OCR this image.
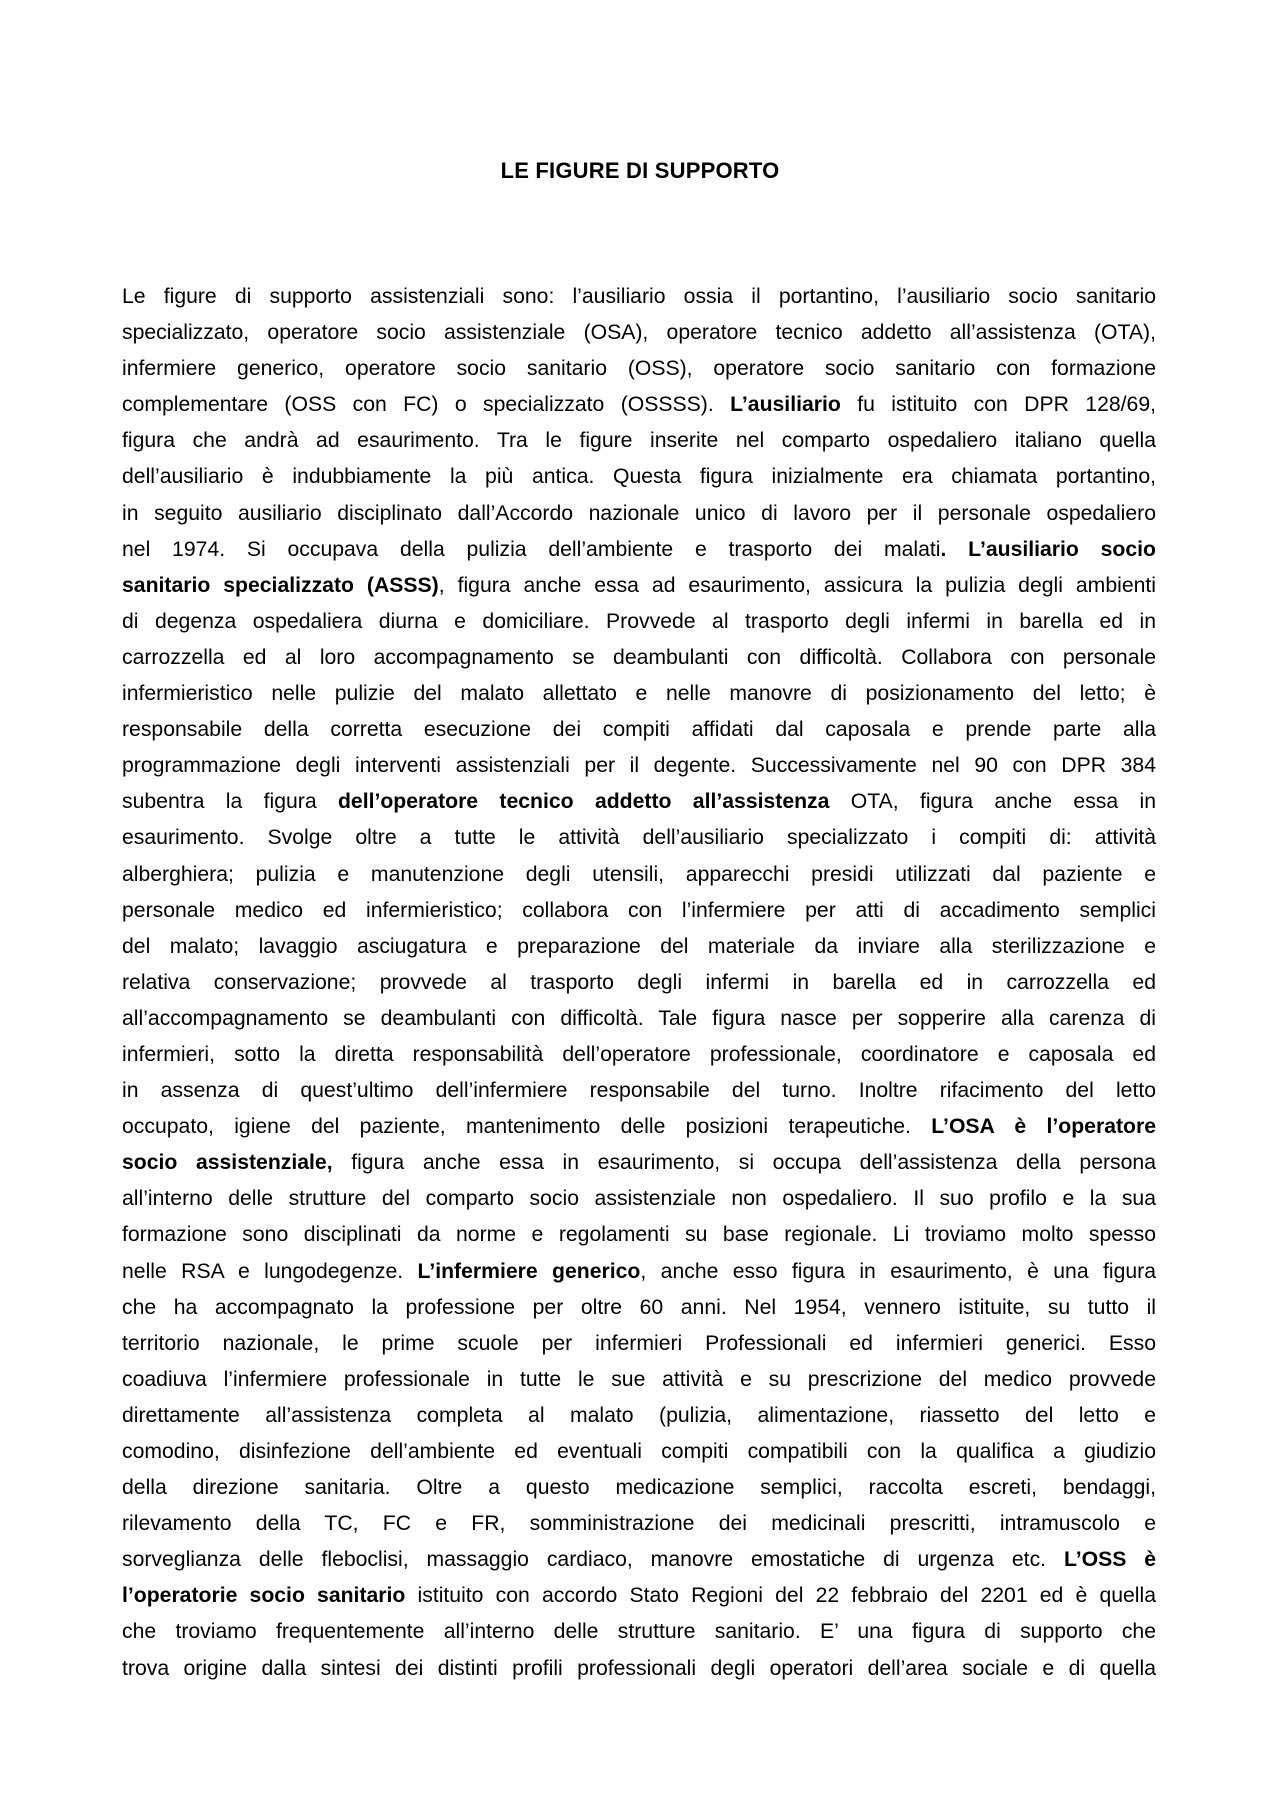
LE FIGURE DI SUPPORTO
Le figure di supporto assistenziali sono: l’ausiliario ossia il portantino, l’ausiliario socio sanitario
specializzato, operatore socio assistenziale (OSA), operatore tecnico addetto all’assistenza (OTA),
infermiere generico, operatore socio sanitario (OSS), operatore socio sanitario con formazione
complementare (OSS con FC) o specializzato (OSSSS). L’ausiliario fu istituito con DPR 128/69,
figura che andrà ad esaurimento. Tra le figure inserite nel comparto ospedaliero italiano quella
dell’ausiliario è indubbiamente la più antica. Questa figura inizialmente era chiamata portantino,
in seguito ausiliario disciplinato dall’Accordo nazionale unico di lavoro per il personale ospedaliero
nel 1974. Si occupava della pulizia dell’ambiente e trasporto dei malati. L’ausiliario socio
sanitario specializzato (ASSS), figura anche essa ad esaurimento, assicura la pulizia degli ambienti
di degenza ospedaliera diurna e domiciliare. Provvede al trasporto degli infermi in barella ed in
carrozzella ed al loro accompagnamento se deambulanti con difficoltà. Collabora con personale
infermieristico nelle pulizie del malato allettato e nelle manovre di posizionamento del letto; è
responsabile della corretta esecuzione dei compiti affidati dal caposala e prende parte alla
programmazione degli interventi assistenziali per il degente. Successivamente nel 90 con DPR 384
subentra la figura dell’operatore tecnico addetto all’assistenza OTA, figura anche essa in
esaurimento. Svolge oltre a tutte le attività dell’ausiliario specializzato i compiti di: attività
alberghiera; pulizia e manutenzione degli utensili, apparecchi presidi utilizzati dal paziente e
personale medico ed infermieristico; collabora con l’infermiere per atti di accadimento semplici
del malato; lavaggio asciugatura e preparazione del materiale da inviare alla sterilizzazione e
relativa conservazione; provvede al trasporto degli infermi in barella ed in carrozzella ed
all’accompagnamento se deambulanti con difficoltà. Tale figura nasce per sopperire alla carenza di
infermieri, sotto la diretta responsabilità dell’operatore professionale, coordinatore e caposala ed
in assenza di quest’ultimo dell’infermiere responsabile del turno. Inoltre rifacimento del letto
occupato, igiene del paziente, mantenimento delle posizioni terapeutiche. L’OSA è l’operatore
socio assistenziale, figura anche essa in esaurimento, si occupa dell’assistenza della persona
all’interno delle strutture del comparto socio assistenziale non ospedaliero. Il suo profilo e la sua
formazione sono disciplinati da norme e regolamenti su base regionale. Li troviamo molto spesso
nelle RSA e lungodegenze. L’infermiere generico, anche esso figura in esaurimento, è una figura
che ha accompagnato la professione per oltre 60 anni. Nel 1954, vennero istituite, su tutto il
territorio nazionale, le prime scuole per infermieri Professionali ed infermieri generici. Esso
coadiuva l’infermiere professionale in tutte le sue attività e su prescrizione del medico provvede
direttamente all’assistenza completa al malato (pulizia, alimentazione, riassetto del letto e
comodino, disinfezione dell’ambiente ed eventuali compiti compatibili con la qualifica a giudizio
della direzione sanitaria. Oltre a questo medicazione semplici, raccolta escreti, bendaggi,
rilevamento della TC, FC e FR, somministrazione dei medicinali prescritti, intramuscolo e
sorveglianza delle fleboclisi, massaggio cardiaco, manovre emostatiche di urgenza etc. L’OSS è
l’operatorie socio sanitario istituito con accordo Stato Regioni del 22 febbraio del 2201 ed è quella
che troviamo frequentemente all’interno delle strutture sanitario. E’ una figura di supporto che
trova origine dalla sintesi dei distinti profili professionali degli operatori dell’area sociale e di quella
